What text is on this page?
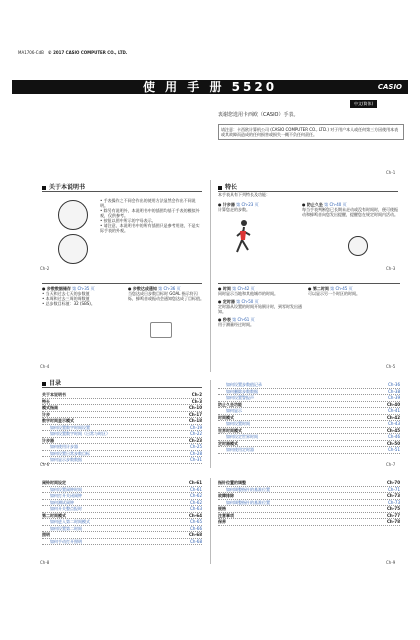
MA1706-CdB © 2017 CASIO COMPUTER CO., LTD.
使 用 手 册 5520	CASIO
中文(简体)
衷谢您选用卡西欧（CASIO）手表。
请注意：卡西欧计算机公司 (CASIO COMPUTER CO., LTD.) 对于用户本人或任何第三方因使用本表或其故障而造成的任何损害或损失一概不负任何责任。
Ch-1
关于本说明书
• 手表操作之不同会作出的使用方法显然会作出不同说明。
• 除另有说明外，本说明书中的插图均基于手表的模拟外观，仅供参考。
• 按钮以图中所示的字母表示。
• 请注意，本说明书中的所有插图只是参考用途，不是实际手表的外观。
Ch-2
特长
本手表具有下列特长及功能：
● 计步器 第 Ch-23 页
计算您走的步数。
● 防止久坐 第 Ch-40 页
每当手表判断您已长期未走动或没有时间时，便可使振动和蜂鸣音向您发出提醒，提醒您在规定时间内活动。
Ch-3
● 步数数据储存 第 Ch-35 页
• 当天和过去七天的步数值
• 本周和过去三周的周数值
• 总步数目标值：32 (SBS)。
● 步数达成通知 第 Ch-36 页
当您达成日步数目标时 GOAL 指示符闪烁，蜂鸣音或振动会通知您达成了目标值。
Ch-4
● 时间 第 Ch-42 页
同时显示当地和其他城市的时间。
● 定时器 第 Ch-50 页
定时器从设置的时间开始倒计时，到零时发出通知。
● 秒表 第 Ch-61 页
用于测量经过时间。
● 第二时间 第 Ch-45 页
可以显示另一个时区的时间。
Ch-5
目录
关于本说明书	Ch-2
特长	Ch-3
模式指南	Ch-10
计步	Ch-17
数字时间显示模式	Ch-18
如何设置数字时间设置	Ch-19
如何设置数字时间（日常与时区）	Ch-22
计步器	Ch-23
如何使用计步器	Ch-25
如何设置日常步数目标	Ch-28
如何显示步数数据	Ch-31
如何设置步数值记录	Ch-36
如何删除步数数据	Ch-38
如何设置警报声	Ch-39
防止久坐功能	Ch-40
如何显示	Ch-41
时间模式	Ch-42
如何设置时间	Ch-43
世界时间模式	Ch-45
如何设定世界时间	Ch-46
定时器模式	Ch-50
如何使用定时器	Ch-51
Ch-6	Ch-7
闹铃时间设定	Ch-61
如何设置闹钟时间	Ch-61
如何打开关闭闹钟	Ch-62
如何测试闹钟	Ch-62
如何开关整点报时	Ch-63
第二时间模式	Ch-64
如何进入第二时间模式	Ch-65
如何设置第二时间	Ch-66
照明	Ch-68
如何手动打开照明	Ch-68
指针位置的调整	Ch-70
如何调整指针的基准位置	Ch-71
故障排除	Ch-73
如何调整指针的基准位置	Ch-73
规格	Ch-75
注意事项	Ch-77
保养	Ch-78
Ch-8	Ch-9
